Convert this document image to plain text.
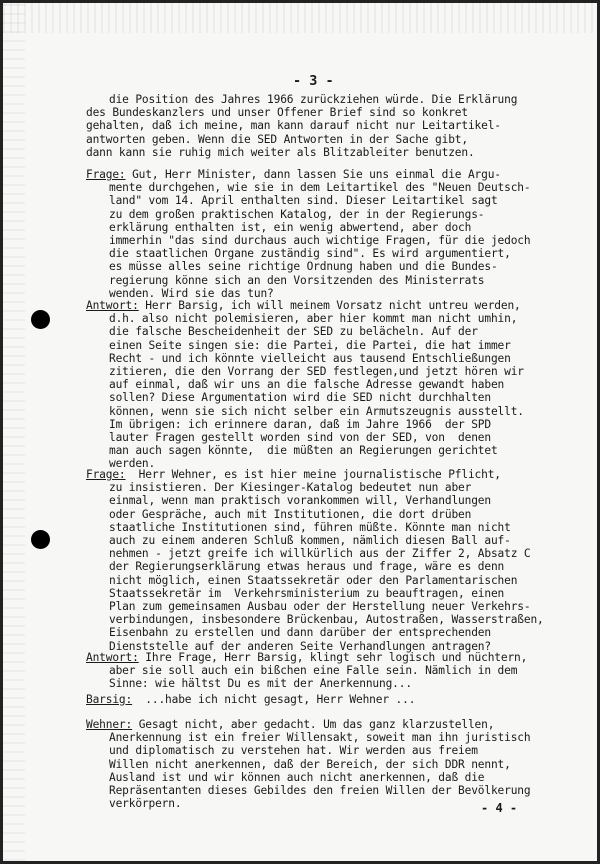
- 3 -
die Position des Jahres 1966 zurückziehen würde. Die Erklärung
des Bundeskanzlers und unser Offener Brief sind so konkret
gehalten, daß ich meine, man kann darauf nicht nur Leitartikel-
antworten geben. Wenn die SED Antworten in der Sache gibt,
dann kann sie ruhig mich weiter als Blitzableiter benutzen.
Frage: Gut, Herr Minister, dann lassen Sie uns einmal die Argu-
mente durchgehen, wie sie in dem Leitartikel des "Neuen Deutsch-
land" vom 14. April enthalten sind. Dieser Leitartikel sagt
zu dem großen praktischen Katalog, der in der Regierungs-
erklärung enthalten ist, ein wenig abwertend, aber doch
immerhin "das sind durchaus auch wichtige Fragen, für die jedoch
die staatlichen Organe zuständig sind". Es wird argumentiert,
es müsse alles seine richtige Ordnung haben und die Bundes-
regierung könne sich an den Vorsitzenden des Ministerrats
wenden. Wird sie das tun?
Antwort: Herr Barsig, ich will meinem Vorsatz nicht untreu werden,
d.h. also nicht polemisieren, aber hier kommt man nicht umhin,
die falsche Bescheidenheit der SED zu belächeln. Auf der
einen Seite singen sie: die Partei, die Partei, die hat immer
Recht - und ich könnte vielleicht aus tausend Entschließungen
zitieren, die den Vorrang der SED festlegen,und jetzt hören wir
auf einmal, daß wir uns an die falsche Adresse gewandt haben
sollen? Diese Argumentation wird die SED nicht durchhalten
können, wenn sie sich nicht selber ein Armutszeugnis ausstellt.
Im übrigen: ich erinnere daran, daß im Jahre 1966  der SPD
lauter Fragen gestellt worden sind von der SED, von  denen
man auch sagen könnte,  die müßten an Regierungen gerichtet
werden.
Frage:  Herr Wehner, es ist hier meine journalistische Pflicht,
zu insistieren. Der Kiesinger-Katalog bedeutet nun aber
einmal, wenn man praktisch vorankommen will, Verhandlungen
oder Gespräche, auch mit Institutionen, die dort drüben
staatliche Institutionen sind, führen müßte. Könnte man nicht
auch zu einem anderen Schluß kommen, nämlich diesen Ball auf-
nehmen - jetzt greife ich willkürlich aus der Ziffer 2, Absatz C
der Regierungserklärung etwas heraus und frage, wäre es denn
nicht möglich, einen Staatssekretär oder den Parlamentarischen
Staatssekretär im  Verkehrsministerium zu beauftragen, einen
Plan zum gemeinsamen Ausbau oder der Herstellung neuer Verkehrs-
verbindungen, insbesondere Brückenbau, Autostraßen, Wasserstraßen,
Eisenbahn zu erstellen und dann darüber der entsprechenden
Dienststelle auf der anderen Seite Verhandlungen antragen?
Antwort: Ihre Frage, Herr Barsig, klingt sehr logisch und nüchtern,
aber sie soll auch ein bißchen eine Falle sein. Nämlich in dem
Sinne: wie hältst Du es mit der Anerkennung...
Barsig:  ...habe ich nicht gesagt, Herr Wehner ...
Wehner: Gesagt nicht, aber gedacht. Um das ganz klarzustellen,
Anerkennung ist ein freier Willensakt, soweit man ihn juristisch
und diplomatisch zu verstehen hat. Wir werden aus freiem
Willen nicht anerkennen, daß der Bereich, der sich DDR nennt,
Ausland ist und wir können auch nicht anerkennen, daß die
Repräsentanten dieses Gebildes den freien Willen der Bevölkerung
verkörpern.	- 4 -
